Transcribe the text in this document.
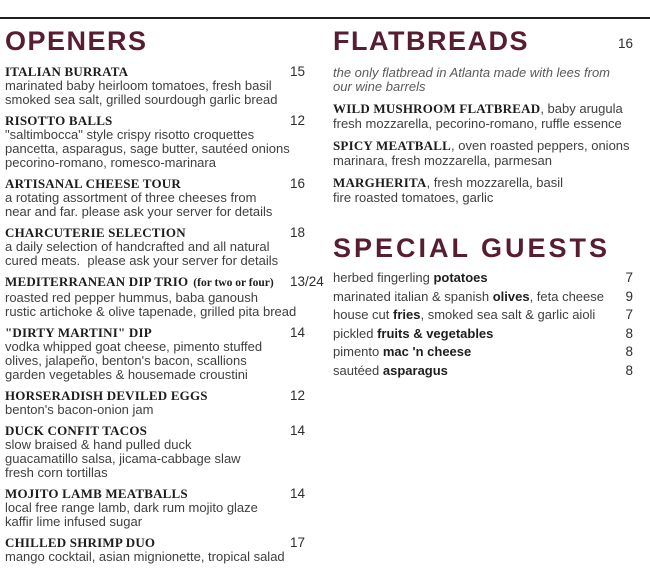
OPENERS
ITALIAN BURRATA	15
marinated baby heirloom tomatoes, fresh basil
smoked sea salt, grilled sourdough garlic bread
RISOTTO BALLS	12
"saltimbocca" style crispy risotto croquettes
pancetta, asparagus, sage butter, sautéed onions
pecorino-romano, romesco-marinara
ARTISANAL CHEESE TOUR	16
a rotating assortment of three cheeses from
near and far. please ask your server for details
CHARCUTERIE SELECTION	18
a daily selection of handcrafted and all natural
cured meats.  please ask your server for details
MEDITERRANEAN DIP TRIO (for two or four) 13/24
roasted red pepper hummus, baba ganoush
rustic artichoke & olive tapenade, grilled pita bread
"DIRTY MARTINI" DIP	14
vodka whipped goat cheese, pimento stuffed
olives, jalapeño, benton's bacon, scallions
garden vegetables & housemade croustini
HORSERADISH DEVILED EGGS	12
benton's bacon-onion jam
DUCK CONFIT TACOS	14
slow braised & hand pulled duck
guacamatillo salsa, jicama-cabbage slaw
fresh corn tortillas
MOJITO LAMB MEATBALLS	14
local free range lamb, dark rum mojito glaze
kaffir lime infused sugar
CHILLED SHRIMP DUO	17
mango cocktail, asian mignionette, tropical salad
FLATBREADS	16
the only flatbread in Atlanta made with lees from
our wine barrels
WILD MUSHROOM FLATBREAD, baby arugula
fresh mozzarella, pecorino-romano, ruffle essence
SPICY MEATBALL, oven roasted peppers, onions
marinara, fresh mozzarella, parmesan
MARGHERITA, fresh mozzarella, basil
fire roasted tomatoes, garlic
SPECIAL GUESTS
herbed fingerling potatoes	7
marinated italian & spanish olives, feta cheese 9
house cut fries, smoked sea salt & garlic aioli 7
pickled fruits & vegetables	8
pimento mac 'n cheese	8
sautéed asparagus	8
